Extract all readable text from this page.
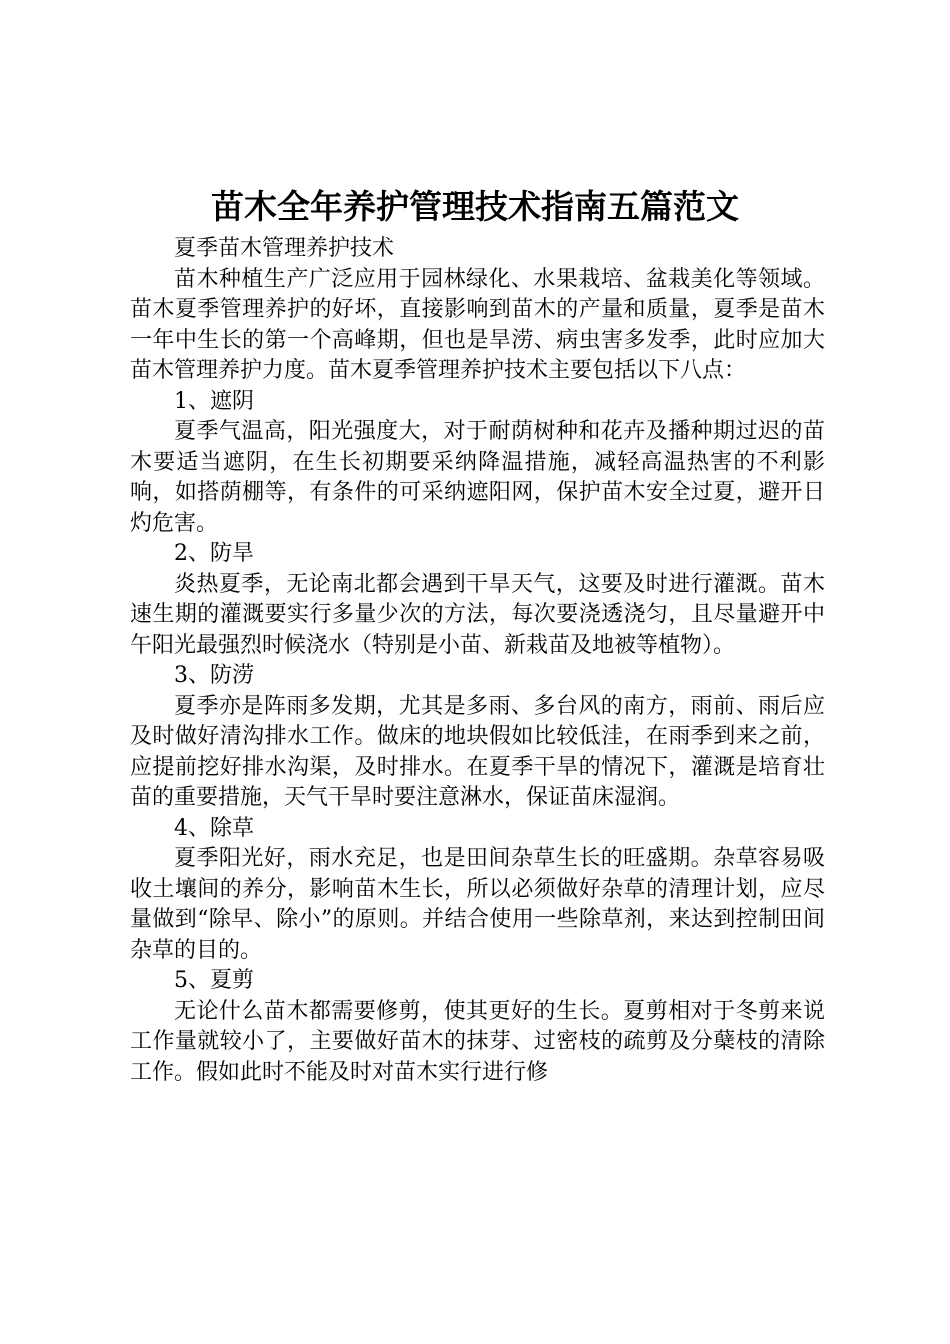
苗木全年养护管理技术指南五篇范文

夏季苗木管理养护技术

苗木种植生产广泛应用于园林绿化、水果栽培、盆栽美化等领域。苗木夏季管理养护的好坏，直接影响到苗木的产量和质量，夏季是苗木一年中生长的第一个高峰期，但也是旱涝、病虫害多发季，此时应加大苗木管理养护力度。苗木夏季管理养护技术主要包括以下八点：

1、遮阴

夏季气温高，阳光强度大，对于耐荫树种和花卉及播种期过迟的苗木要适当遮阴，在生长初期要采纳降温措施，减轻高温热害的不利影响，如搭荫棚等，有条件的可采纳遮阳网，保护苗木安全过夏，避开日灼危害。

2、防旱

炎热夏季，无论南北都会遇到干旱天气，这要及时进行灌溉。苗木速生期的灌溉要实行多量少次的方法，每次要浇透浇匀，且尽量避开中午阳光最强烈时候浇水（特别是小苗、新栽苗及地被等植物）。

3、防涝

夏季亦是阵雨多发期，尤其是多雨、多台风的南方，雨前、雨后应及时做好清沟排水工作。做床的地块假如比较低洼，在雨季到来之前，应提前挖好排水沟渠，及时排水。在夏季干旱的情况下，灌溉是培育壮苗的重要措施，天气干旱时要注意淋水，保证苗床湿润。

4、除草

夏季阳光好，雨水充足，也是田间杂草生长的旺盛期。杂草容易吸收土壤间的养分，影响苗木生长，所以必须做好杂草的清理计划，应尽量做到“除早、除小”的原则。并结合使用一些除草剂，来达到控制田间杂草的目的。

5、夏剪

无论什么苗木都需要修剪，使其更好的生长。夏剪相对于冬剪来说工作量就较小了，主要做好苗木的抹芽、过密枝的疏剪及分蘖枝的清除工作。假如此时不能及时对苗木实行进行修
